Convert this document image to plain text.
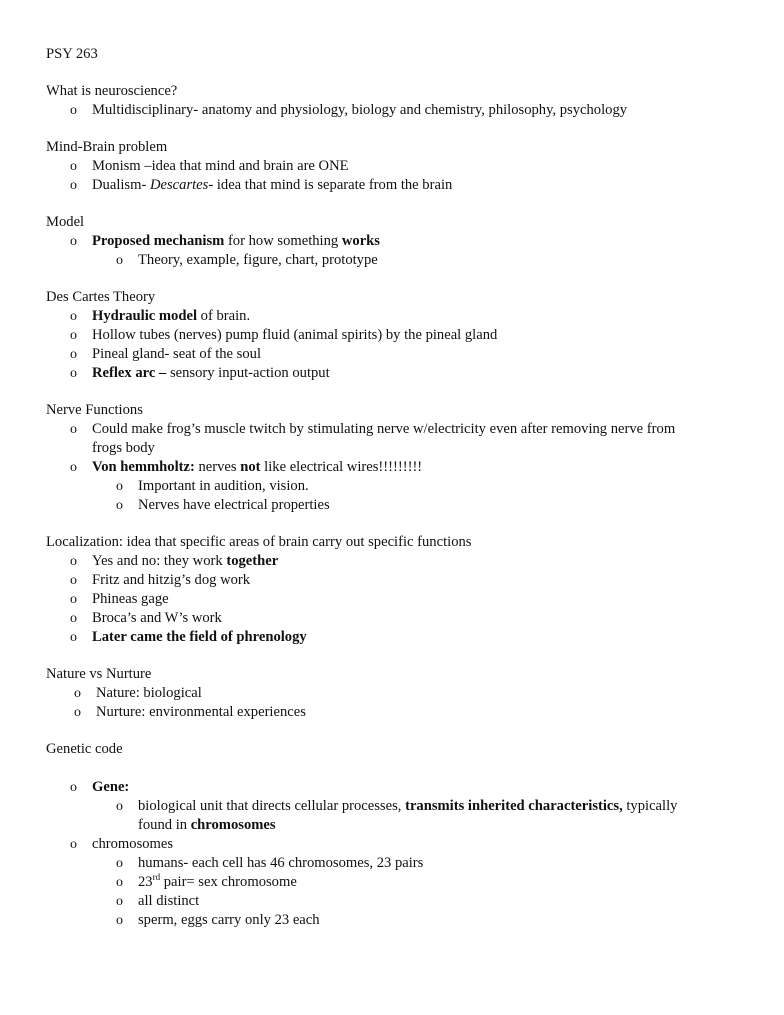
PSY 263
What is neuroscience?
o Multidisciplinary- anatomy and physiology, biology and chemistry, philosophy, psychology
Mind-Brain problem
o Monism –idea that mind and brain are ONE
o Dualism- Descartes- idea that mind is separate from the brain
Model
o Proposed mechanism for how something works
o Theory, example, figure, chart, prototype
Des Cartes Theory
o Hydraulic model of brain.
o Hollow tubes (nerves) pump fluid (animal spirits) by the pineal gland
o Pineal gland- seat of the soul
o Reflex arc – sensory input-action output
Nerve Functions
o Could make frog’s muscle twitch by stimulating nerve w/electricity even after removing nerve from
frogs body
o Von hemmholtz: nerves not like electrical wires!!!!!!!!!
o Important in audition, vision.
o Nerves have electrical properties
Localization: idea that specific areas of brain carry out specific functions
o Yes and no: they work together
o Fritz and hitzig’s dog work
o Phineas gage
o Broca’s and W’s work
o Later came the field of phrenology
Nature vs Nurture
o Nature: biological
o Nurture: environmental experiences
Genetic code
o Gene:
o biological unit that directs cellular processes, transmits inherited characteristics, typically
found in chromosomes
o chromosomes
o humans- each cell has 46 chromosomes, 23 pairs
o 23rd pair= sex chromosome
o all distinct
o sperm, eggs carry only 23 each
